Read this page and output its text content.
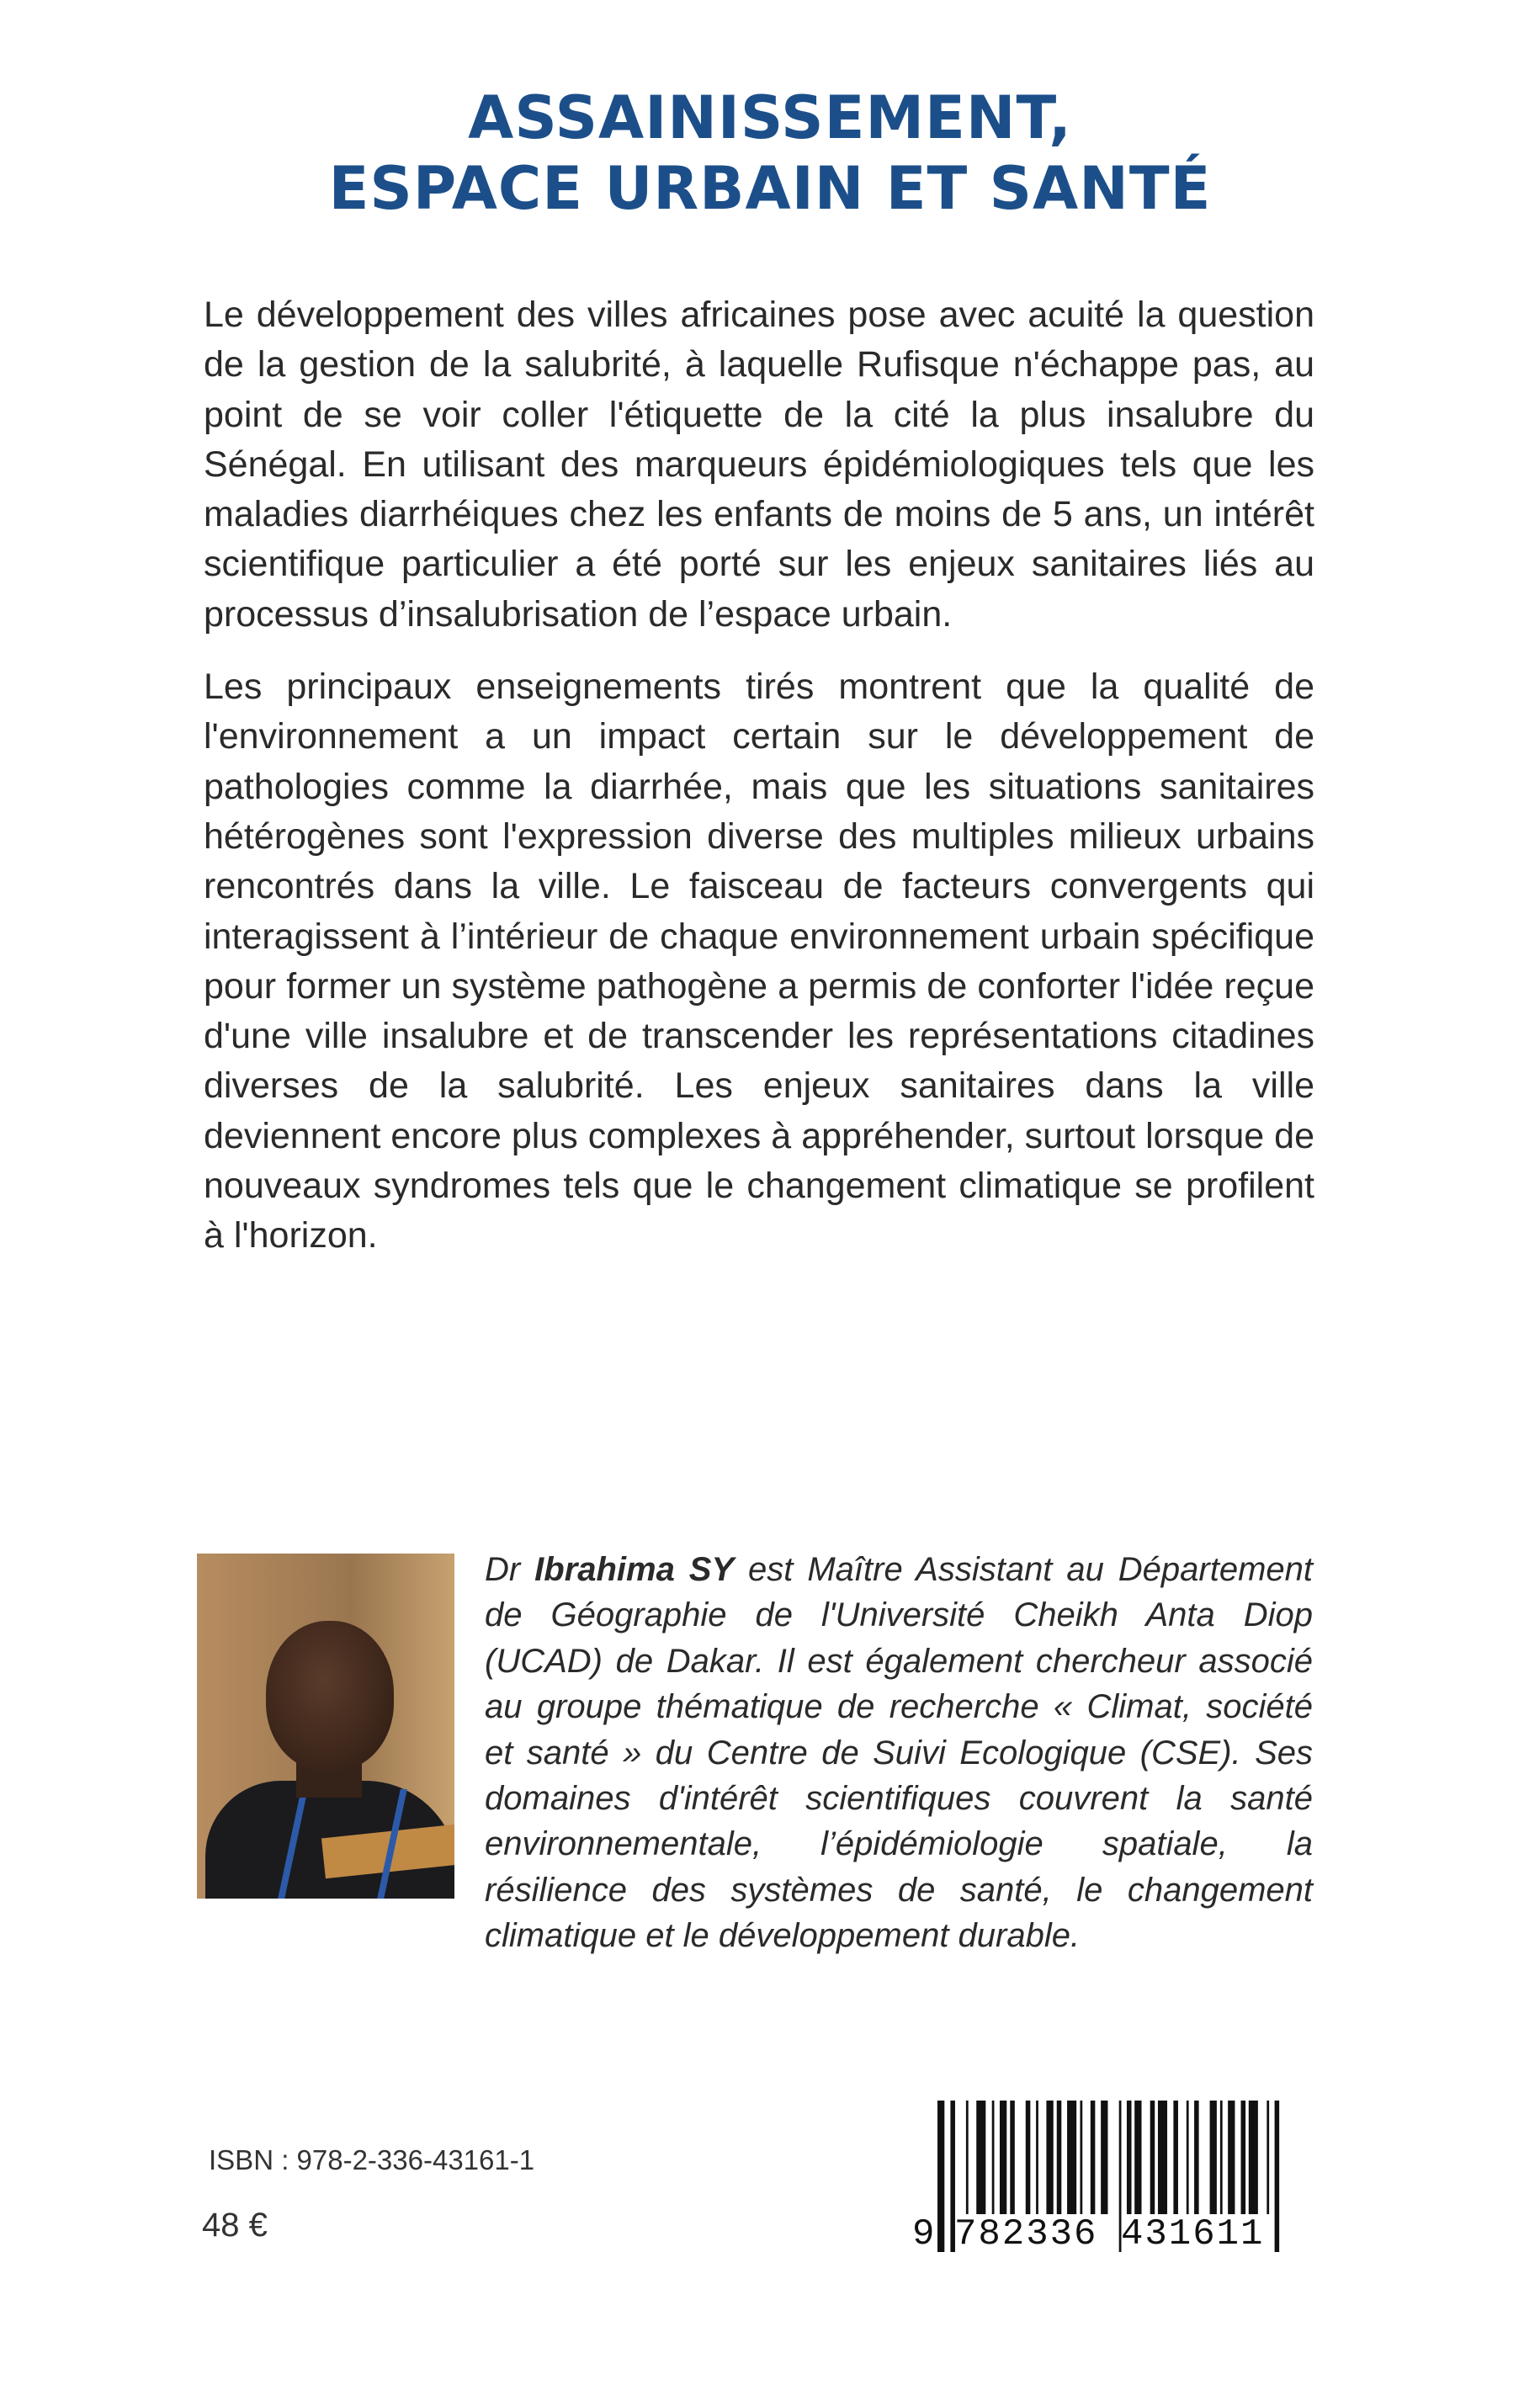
ASSAINISSEMENT,
ESPACE URBAIN ET SANTÉ

Le développement des villes africaines pose avec acuité la question de la gestion de la salubrité, à laquelle Rufisque n'échappe pas, au point de se voir coller l'étiquette de la cité la plus insalubre du Sénégal. En utilisant des marqueurs épidémiologiques tels que les maladies diarrhéiques chez les enfants de moins de 5 ans, un intérêt scientifique particulier a été porté sur les enjeux sanitaires liés au processus d’insalubrisation de l’espace urbain.

Les principaux enseignements tirés montrent que la qualité de l'environnement a un impact certain sur le développement de pathologies comme la diarrhée, mais que les situations sanitaires hétérogènes sont l'expression diverse des multiples milieux urbains rencontrés dans la ville. Le faisceau de facteurs convergents qui interagissent à l’intérieur de chaque environnement urbain spécifique pour former un système pathogène a permis de conforter l'idée reçue d'une ville insalubre et de transcender les représentations citadines diverses de la salubrité. Les enjeux sanitaires dans la ville deviennent encore plus complexes à appréhender, surtout lorsque de nouveaux syndromes tels que le changement climatique se profilent à l'horizon.

Dr Ibrahima SY est Maître Assistant au Département de Géographie de l'Université Cheikh Anta Diop (UCAD) de Dakar. Il est également chercheur associé au groupe thématique de recherche « Climat, société et santé » du Centre de Suivi Ecologique (CSE). Ses domaines d'intérêt scientifiques couvrent la santé environnementale, l’épidémiologie spatiale, la résilience des systèmes de santé, le changement climatique et le développement durable.
ISBN : 978-2-336-43161-1
48 €	9 782336 431611
